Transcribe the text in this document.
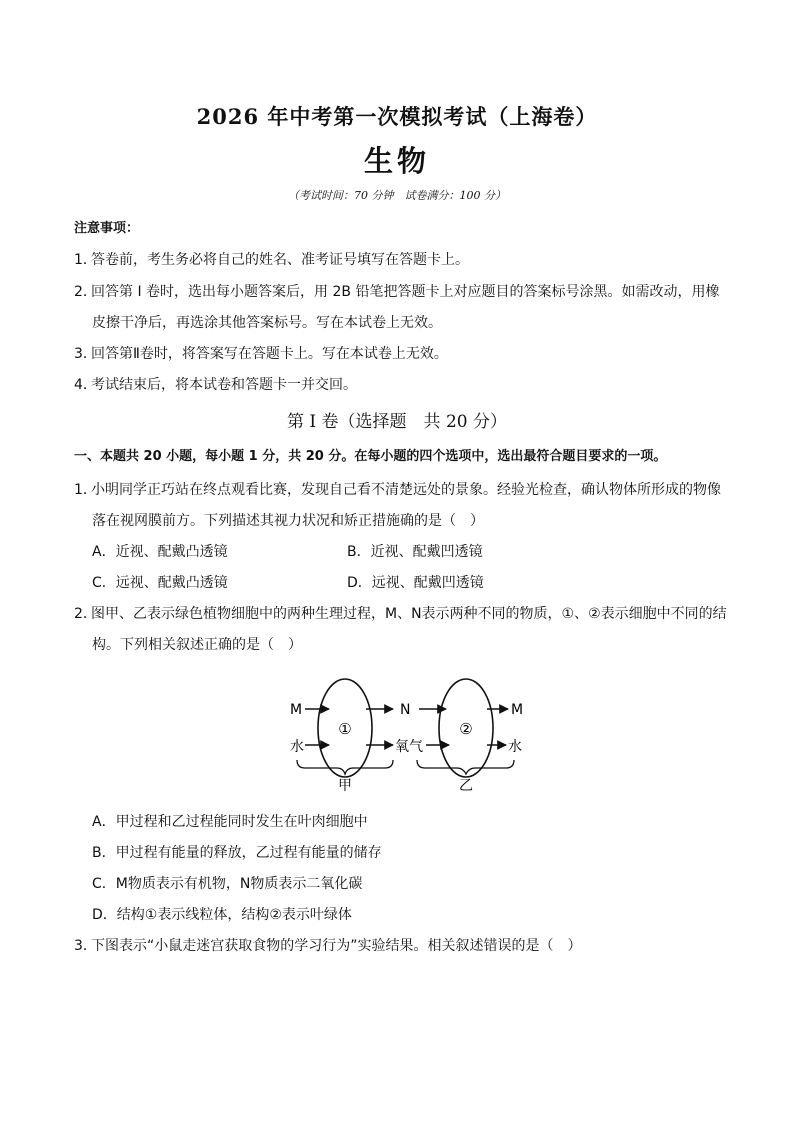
2026 年中考第一次模拟考试（上海卷）
生物
（考试时间：70 分钟　试卷满分：100 分）
注意事项：
1．答卷前，考生务必将自己的姓名、准考证号填写在答题卡上。
2．回答第 I 卷时，选出每小题答案后，用 2B 铅笔把答题卡上对应题目的答案标号涂黑。如需改动，用橡
皮擦干净后，再选涂其他答案标号。写在本试卷上无效。
3．回答第Ⅱ卷时，将答案写在答题卡上。写在本试卷上无效。
4．考试结束后，将本试卷和答题卡一并交回。
第 I 卷（选择题　共 20 分）
一、本题共 20 小题，每小题 1 分，共 20 分。在每小题的四个选项中，选出最符合题目要求的一项。
1．小明同学正巧站在终点观看比赛，发现自己看不清楚远处的景象。经验光检查，确认物体所形成的物像
落在视网膜前方。下列描述其视力状况和矫正措施确的是（　）
A．近视、配戴凸透镜	B．近视、配戴凹透镜
C．远视、配戴凸透镜	D．远视、配戴凹透镜
2．图甲、乙表示绿色植物细胞中的两种生理过程，M、N表示两种不同的物质，①、②表示细胞中不同的结
构。下列相关叙述正确的是（　）
①	②
M
水
N
氧气
M
水
甲	乙
A．甲过程和乙过程能同时发生在叶肉细胞中
B．甲过程有能量的释放，乙过程有能量的储存
C．M物质表示有机物，N物质表示二氧化碳
D．结构①表示线粒体，结构②表示叶绿体
3．下图表示“小鼠走迷宫获取食物的学习行为”实验结果。相关叙述错误的是（　）
